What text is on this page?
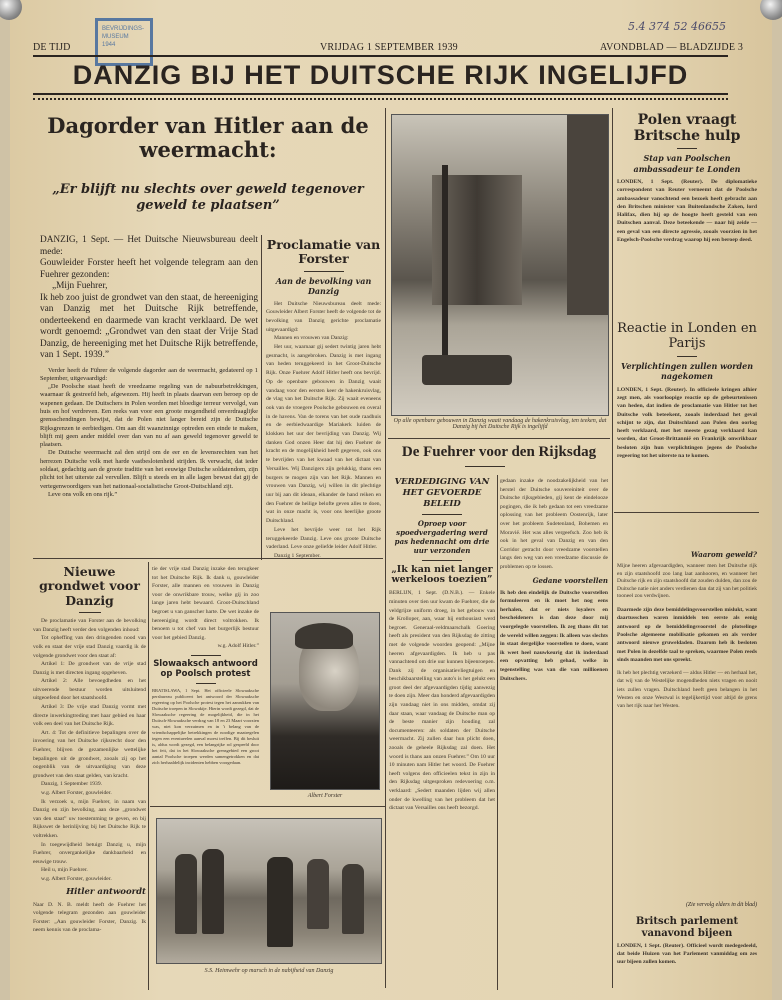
BEVRIJDINGS-
MUSEUM
1944
5.4 374 52 46655
DE TIJD	VRIJDAG 1 SEPTEMBER 1939	AVONDBLAD — BLADZIJDE 3
DANZIG BIJ HET DUITSCHE RIJK INGELIJFD
Dagorder van Hitler aan de weermacht:
„Er blijft nu slechts over geweld tegenover geweld te plaatsen”
DANZIG, 1 Sept. — Het Duitsche Nieuwsbureau deelt mede:
Gouwleider Forster heeft het volgende telegram aan den Fuehrer gezonden:
„Mijn Fuehrer,
Ik heb zoo juist de grondwet van den staat, de hereeniging van Danzig met het Duitsche Rijk betreffende, onderteekend en daarmede van kracht verklaard. De wet wordt genoemd: „Grondwet van den staat der Vrije Stad Danzig, de hereeniging met het Duitsche Rijk betreffende, van 1 Sept. 1939.”
Verder heeft de Führer de volgende dagorder aan de weermacht, gedateerd op 1 September, uitgevaardigd:
„De Poolsche staat heeft de vreedzame regeling van de nabuurbetrekkingen, waarnaar ik gestreefd heb, afgewezen. Hij heeft in plaats daarvan een beroep op de wapenen gedaan. De Duitschers in Polen worden met bloedige terreur vervolgd, van huis en hof verdreven. Een reeks van voor een groote mogendheid onverdraaglijke grensschendingen bewijst, dat de Polen niet langer bereid zijn de Duitsche Rijksgrenzen te eerbiedigen. Om aan dit waanzinnige optreden een einde te maken, blijft mij geen ander middel over dan van nu af aan geweld tegenover geweld te plaatsen.
De Duitsche weermacht zal den strijd om de eer en de levensrechten van het herrezen Duitsche volk met harde vastbeslotenheid strijden. Ik verwacht, dat ieder soldaat, gedachtig aan de groote traditie van het eeuwige Duitsche soldatendom, zijn plicht tot het uiterste zal vervullen. Blijft u steeds en in alle lagen bewust dat gij de vertegenwoordigers van het nationaal-socialistische Groot-Duitschland zijt.
Leve ons volk en ons rijk.”
Proclamatie van Forster
Aan de bevolking van Danzig

Het Duitsche Nieuwsbureau deelt mede: Gouwleider Albert Forster heeft de volgende tot de bevolking van Danzig gerichte proclamatie uitgevaardigd:

Mannen en vrouwen van Danzig:

Het uur, waarnaar gij sedert twintig jaren hebt gesmacht, is aangebroken. Danzig is met ingang van heden teruggekeerd in het Groot-Duitsche Rijk. Onze Fuehrer Adolf Hitler heeft ons bevrijd. Op de openbare gebouwen in Danzig waait vandaag voor den eersten keer de hakenkruisvlag, de vlag van het Duitsche Rijk. Zij waait eveneens ook van de vroegere Poolsche gebouwen en overal in de havens. Van de torens van het oude raadhuis en de eerbiedwaardige Mariakerk luiden de klokken het uur der bevrijding van Danzig. Wij danken God onzen Heer dat hij den Fuehrer de kracht en de mogelijkheid heeft gegeven, ook ons te bevrijden van het kwaad van het dictaat van Versailles. Wij Danzigers zijn gelukkig, thans een burgers te mogen zijn van het Rijk. Mannen en vrouwen van Danzig, wij willen in dit plechtige uur bij aan dit ideaan, elkander de hand reiken en den Fuehrer de heilige belofte geven alles te doen, wat in onze macht is, voor ons heerlijke groote Duitschland.

Leve het bevrijde weer tot het Rijk teruggekeerde Danzig. Leve ons groote Duitsche vaderland. Leve onze geliefde leider Adolf Hitler.

Danzig 1 September.

Op alle openbare gebouwen in Danzig waait vandaag de hakenkruisvlag, ten teeken, dat Danzig bij het Duitsche Rijk is ingelijfd
De Fuehrer voor den Rijksdag
VERDEDIGING VAN HET GEVOERDE BELEID
Oproep voor spoedvergadering werd pas hedennacht om drie uur verzonden
„Ik kan niet langer werkeloos toezien”
BERLIJN, 1 Sept. (D.N.B.). — Enkele minuten over tien uur kwam de Fuehrer, die de veldgrijze uniform droeg, in het gebouw van de Krolloper, aan, waar hij enthousiast werd begroet. Generaal-veldmaarschalk Goering heeft als president van den Rijksdag de zitting met de volgende woorden geopend: „Mijne heeren afgevaardigden. Ik heb u pas vannachtend om drie uur kunnen bijeenroepen. Dank zij de organisatievliegtuigen en beschikbaarstelling van auto's is het gelukt een groot deel der afgevaardigden tijdig aanwezig te doen zijn. Meer dan honderd afgevaardigden zijn vandaag niet in ons midden, omdat zij daar staan, waar vandaag de Duitsche man op de beste manier zijn houding zal documenteeren: als soldaten der Duitsche weermacht. Zij zullen daar hun plicht doen, zooals de geheele Rijksdag zal doen. Het woord is thans aan onzen Fuehrer.” Om 10 uur 10 minuten nam Hitler het woord. De Fuehrer heeft volgens den officieelen tekst in zijn in den Rijksdag uitgesproken redevoering o.m. verklaard: „Sedert maanden lijden wij allen onder de kwelling van het probleem dat het dictaat van Versailles ons heeft bezorgd.
gedaan inzake de noodzakelijkheid van het herstel der Duitsche souvereiniteit over de Duitsche rijksgebieden, gij kent de eindelooze pogingen, die ik heb gedaan tot een vreedzame oplossing van het probleem Oostenrijk, later over het probleem Sudetenland, Bohemen en Moravië. Het was alles vergeefsch. Zoo heb ik ook in het geval van Danzig en van den Corridor getracht door vreedzame voorstellen langs den weg van een vreedzame discussie de problemen op te lossen.
Gedane voorstellen
Ik heb den eindelijk de Duitsche voorstellen formuleeren en ik moet het nog eens herhalen, dat er niets loyalers en bescheideners is dan deze door mij voorgelegde voorstellen. Ik zeg thans dit tot de wereld willen zeggen: Ik alleen was slechts in staat dergelijke voorstellen te doen, want ik weet heel nauwkeurig dat ik inderdaad een opvatting heb gehad, welke in tegenstelling was van die van millioenen Duitschers.
Polen vraagt Britsche hulp
Stap van Poolschen ambassadeur te Londen
LONDEN, 1 Sept. (Reuter). De diplomatieke correspondent van Reuter verneemt dat de Poolsche ambassadeur vanochtend een bezoek heeft gebracht aan den Britschen minister van Buitenlandsche Zaken, lord Halifax, dien hij op de hoogte heeft gesteld van een Duitschen aanval. Deze beteekende — naar hij zeide — een geval van een directe agressie, zooals voorzien in het Engelsch-Poolsche verdrag waarop hij een beroep deed.
Reactie in Londen en Parijs
Verplichtingen zullen worden nagekomen
LONDEN, 1 Sept. (Reuter). In officieele kringen alhier zegt men, als voorloopige reactie op de gebeurtenissen van heden, dat indien de proclamatie van Hitler tot het Duitsche volk beteekent, zooals inderdaad het geval schijnt te zijn, dat Duitschland aan Polen den oorlog heeft verklaard, met het meeste gezag verklaard kan worden, dat Groot-Brittannië en Frankrijk onwrikbaar besloten zijn hun verplichtingen jegens de Poolsche regeering tot het uiterste na te komen.
Waarom geweld?
Mijne heeren afgevaardigden, wanneer men het Duitsche rijk en zijn staatshoofd zoo lang laat aanhooren, en wanneer het Duitsche rijk en zijn staatshoofd dat zouden dulden, dan zou de Duitsche natie niet anders verdienen dan dat zij van het politiek tooneel zou verdwijnen.
Daarmede zijn deze bemiddelingsvoorstellen mislukt, want daartusschen waren inmiddels ten eerste als eenig antwoord op de bemiddelingsvoorstel de plotselinge Poolsche algemeene mobilisatie gekomen en als verder antwoord nieuwe gruweldaden. Daarom heb ik besloten met Polen in dezelfde taal te spreken, waarmee Polen reeds sinds maanden met ons spreekt.
Ik heb het plechtig verzekerd — aldus Hitler — en herhaal het, dat wij van de Westelijke mogendheden niets vragen en nooit iets zullen vragen. Duitschland heeft geen belangen in het Westen en onze Westwal is tegelijkertijd voor altijd de grens van het rijk naar het Westen.
(Zie vervolg elders in dit blad)
Britsch parlement vanavond bijeen
LONDEN, 1 Sept. (Reuter). Officieel wordt medegedeeld, dat beide Huizen van het Parlement vanmiddag om zes uur bijeen zullen komen.
Nieuwe grondwet voor Danzig

De proclamatie van Forster aan de bevolking van Danzig heeft verder den volgenden inhoud:

Tot opheffing van den dringenden nood van volk en staat der vrije stad Danzig vaardig ik de volgende grondwet voor den staat af:

Artikel 1: De grondwet van de vrije stad Danzig is met directen ingang opgeheven.

Artikel 2: Alle bevoegdheden en het uitvoerende bestuur worden uitsluitend uitgeoefend door het staatshoofd.

Artikel 3: De vrije stad Danzig vormt met directe inwerkingtreding met haar gebied en haar volk een deel van het Duitsche Rijk.

Art. 4: Tot de definitieve bepalingen over de invoering van het Duitsche rijksrecht door den Fuehrer, blijven de gezamenlijke wettelijke bepalingen uit de grondwet, zooals zij op het oogenblik van de uitvaardiging van deze grondwet van den staat gelden, van kracht.

Danzig, 1 September 1939.

w.g. Albert Forster, gouwleider.

Ik verzoek u, mijn Fuehrer, in naam van Danzig en zijn bevolking, aan deze „grondwet van den staat” uw toestemming te geven, en bij Rijkswet de herinlijving bij het Duitsche Rijk te voltrekken.

In toegewijdheid betuigt Danzig u, mijn Fuehrer, onvergankelijke dankbaarheid en eeuwige trouw.

Heil u, mijn Fuehrer.

w.g. Albert Forster, gouwleider.

Hitler antwoordt
Naar D. N. B. meldt heeft de Fuehrer het volgende telegram gezonden aan gouwleider Forster: „Aan gouwleider Forster, Danzig. Ik neem kennis van de proclama-
tie der vrije stad Danzig inzake den terugkeer tot het Duitsche Rijk. Ik dank u, gouwleider Forster, alle mannen en vrouwen in Danzig voor de onwrikbare trouw, welke gij in zoo lange jaren hebt bewaard. Groot-Duitschland begroet u van ganscher harte. De wet inzake de hereeniging wordt direct voltrokken. Ik benoem u tot chef van het burgerlijk bestuur voor het gebied Danzig.
w.g. Adolf Hitler.”
Slowaaksch antwoord op Poolsch protest
BRATISLAWA, 1 Sept. Het officieele Slowaaksche persbureau publiceert het antwoord der Slowaaksche regeering op het Poolsche protest tegen het aanrukken van Duitsche troepen in Slowakije. Hierin wordt gezegd, dat de Slowaaksche regeering de mogelijkheid, die in het Duitsch-Slowaaksche verdrag van 18 en 23 Maart voorzien was, niet kon verzuimen en in 't belang van de vriendschappelijke betrekkingen de noodige maatregelen tegen een eventueelen aanval moest treffen. Bij dit besluit is, aldus wordt gezegd, een belangrijke rol gespeeld door het feit, dat in het Slowaaksche grensgebied een groot aantal Poolsche troepen werden samengetrokken en dat zich herhaaldelijk incidenten hebben voorgedaan.
Albert Forster
S.S. Heimwehr op marsch in de nabijheid van Danzig
